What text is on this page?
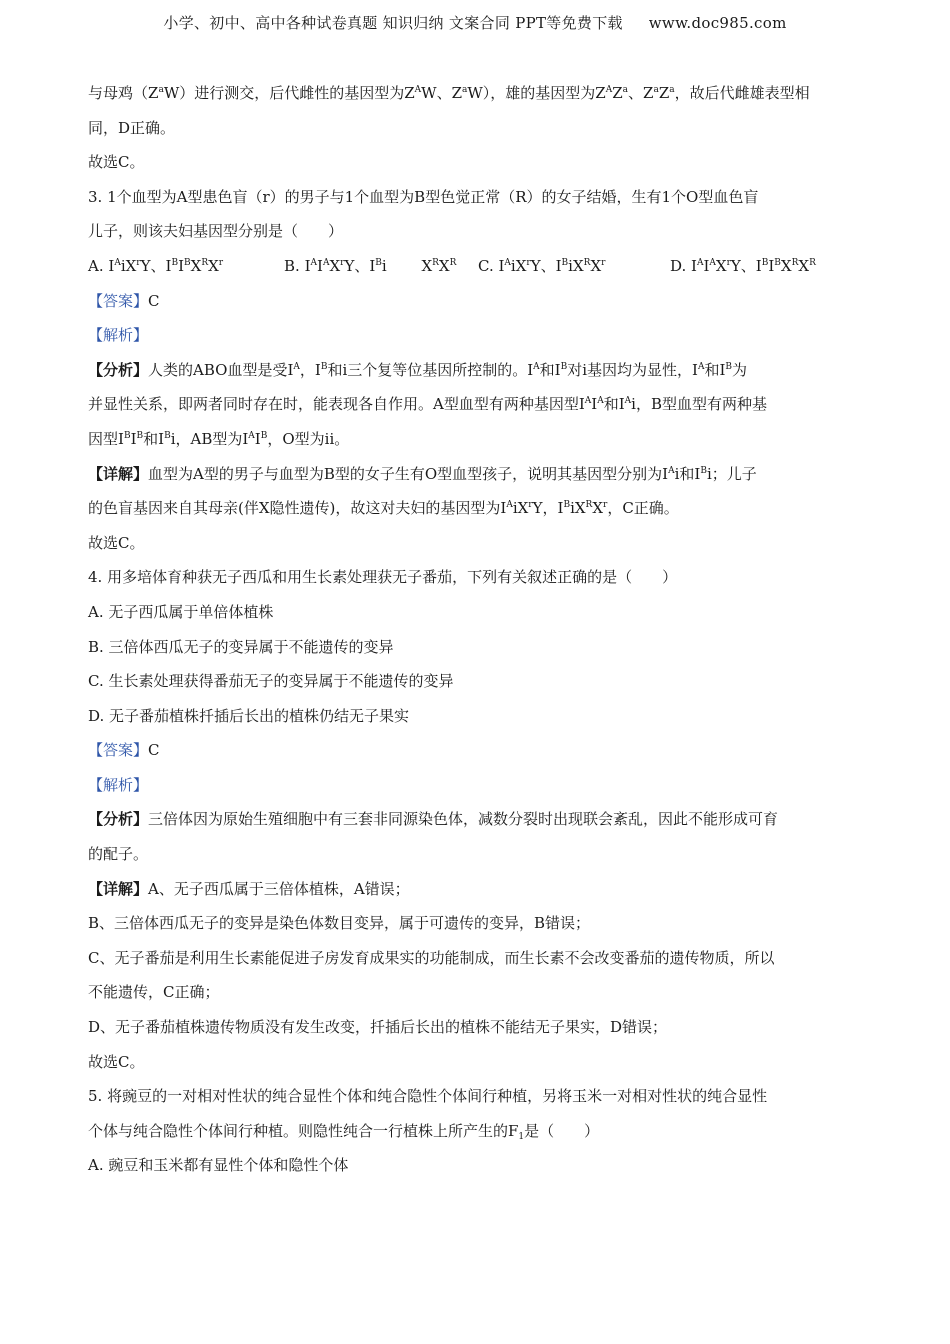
小学、初中、高中各种试卷真题 知识归纳 文案合同 PPT等免费下载 www.doc985.com
与母鸡$(Z^aW)$进行测交，后代雌性的基因型为$Z^AW$、$Z^aW$），雄的基因型为$Z^AZ^a$、$Z^aZ^a$，故后代雌雄表型相
同，D正确。
故选C。
3. 1个血型为A型患色盲（r）的男子与1个血型为B型色觉正常（R）的女子结婚，生有1个O型血色盲
儿子，则该夫妇基因型分别是（　　）
A. $I^AiX^rY$、$I^BI^BX^RX^r$	B. $I^AI^AX^rY$、$I^Bi$　　 $X^RX^R$ C. $I^AiX^rY$、$I^BiX^RX^r$	D. $I^AI^AX^rY$、$I^BI^BX^RX^R$
【答案】C
【解析】
【分析】人类的ABO血型是受$I^A$，$I^B$和i三个复等位基因所控制的。$I^A$和$I^B$对i基因均为显性，$I^A$和$I^B$为
并显性关系，即两者同时存在时，能表现各自作用。A型血型有两种基因型$I^AI^A$和$I^Ai$，B型血型有两种基
因型$I^BI^B$和$I^Bi$，AB型为$I^AI^B$，O型为ii。
【详解】血型为A型的男子与血型为B型的女子生有O型血型孩子，说明其基因型分别为$I^Ai$和$I^Bi$；儿子
的色盲基因来自其母亲(伴X隐性遗传)，故这对夫妇的基因型为$I^AiX^rY$，$I^BiX^RX^r$，C正确。
故选C。
4. 用多培体育种获无子西瓜和用生长素处理获无子番茄，下列有关叙述正确的是（　　）
A. 无子西瓜属于单倍体植株
B. 三倍体西瓜无子的变异属于不能遗传的变异
C. 生长素处理获得番茄无子的变异属于不能遗传的变异
D. 无子番茄植株扦插后长出的植株仍结无子果实
【答案】C
【解析】
【分析】三倍体因为原始生殖细胞中有三套非同源染色体，减数分裂时出现联会紊乱，因此不能形成可育
的配子。
【详解】A、无子西瓜属于三倍体植株，A错误；
B、三倍体西瓜无子的变异是染色体数目变异，属于可遗传的变异，B错误；
C、无子番茄是利用生长素能促进子房发育成果实的功能制成，而生长素不会改变番茄的遗传物质，所以
不能遗传，C正确；
D、无子番茄植株遗传物质没有发生改变，扦插后长出的植株不能结无子果实，D错误；
故选C。
5. 将豌豆的一对相对性状的纯合显性个体和纯合隐性个体间行种植，另将玉米一对相对性状的纯合显性
个体与纯合隐性个体间行种植。则隐性纯合一行植株上所产生的$F_1$是（　　）
A. 豌豆和玉米都有显性个体和隐性个体
